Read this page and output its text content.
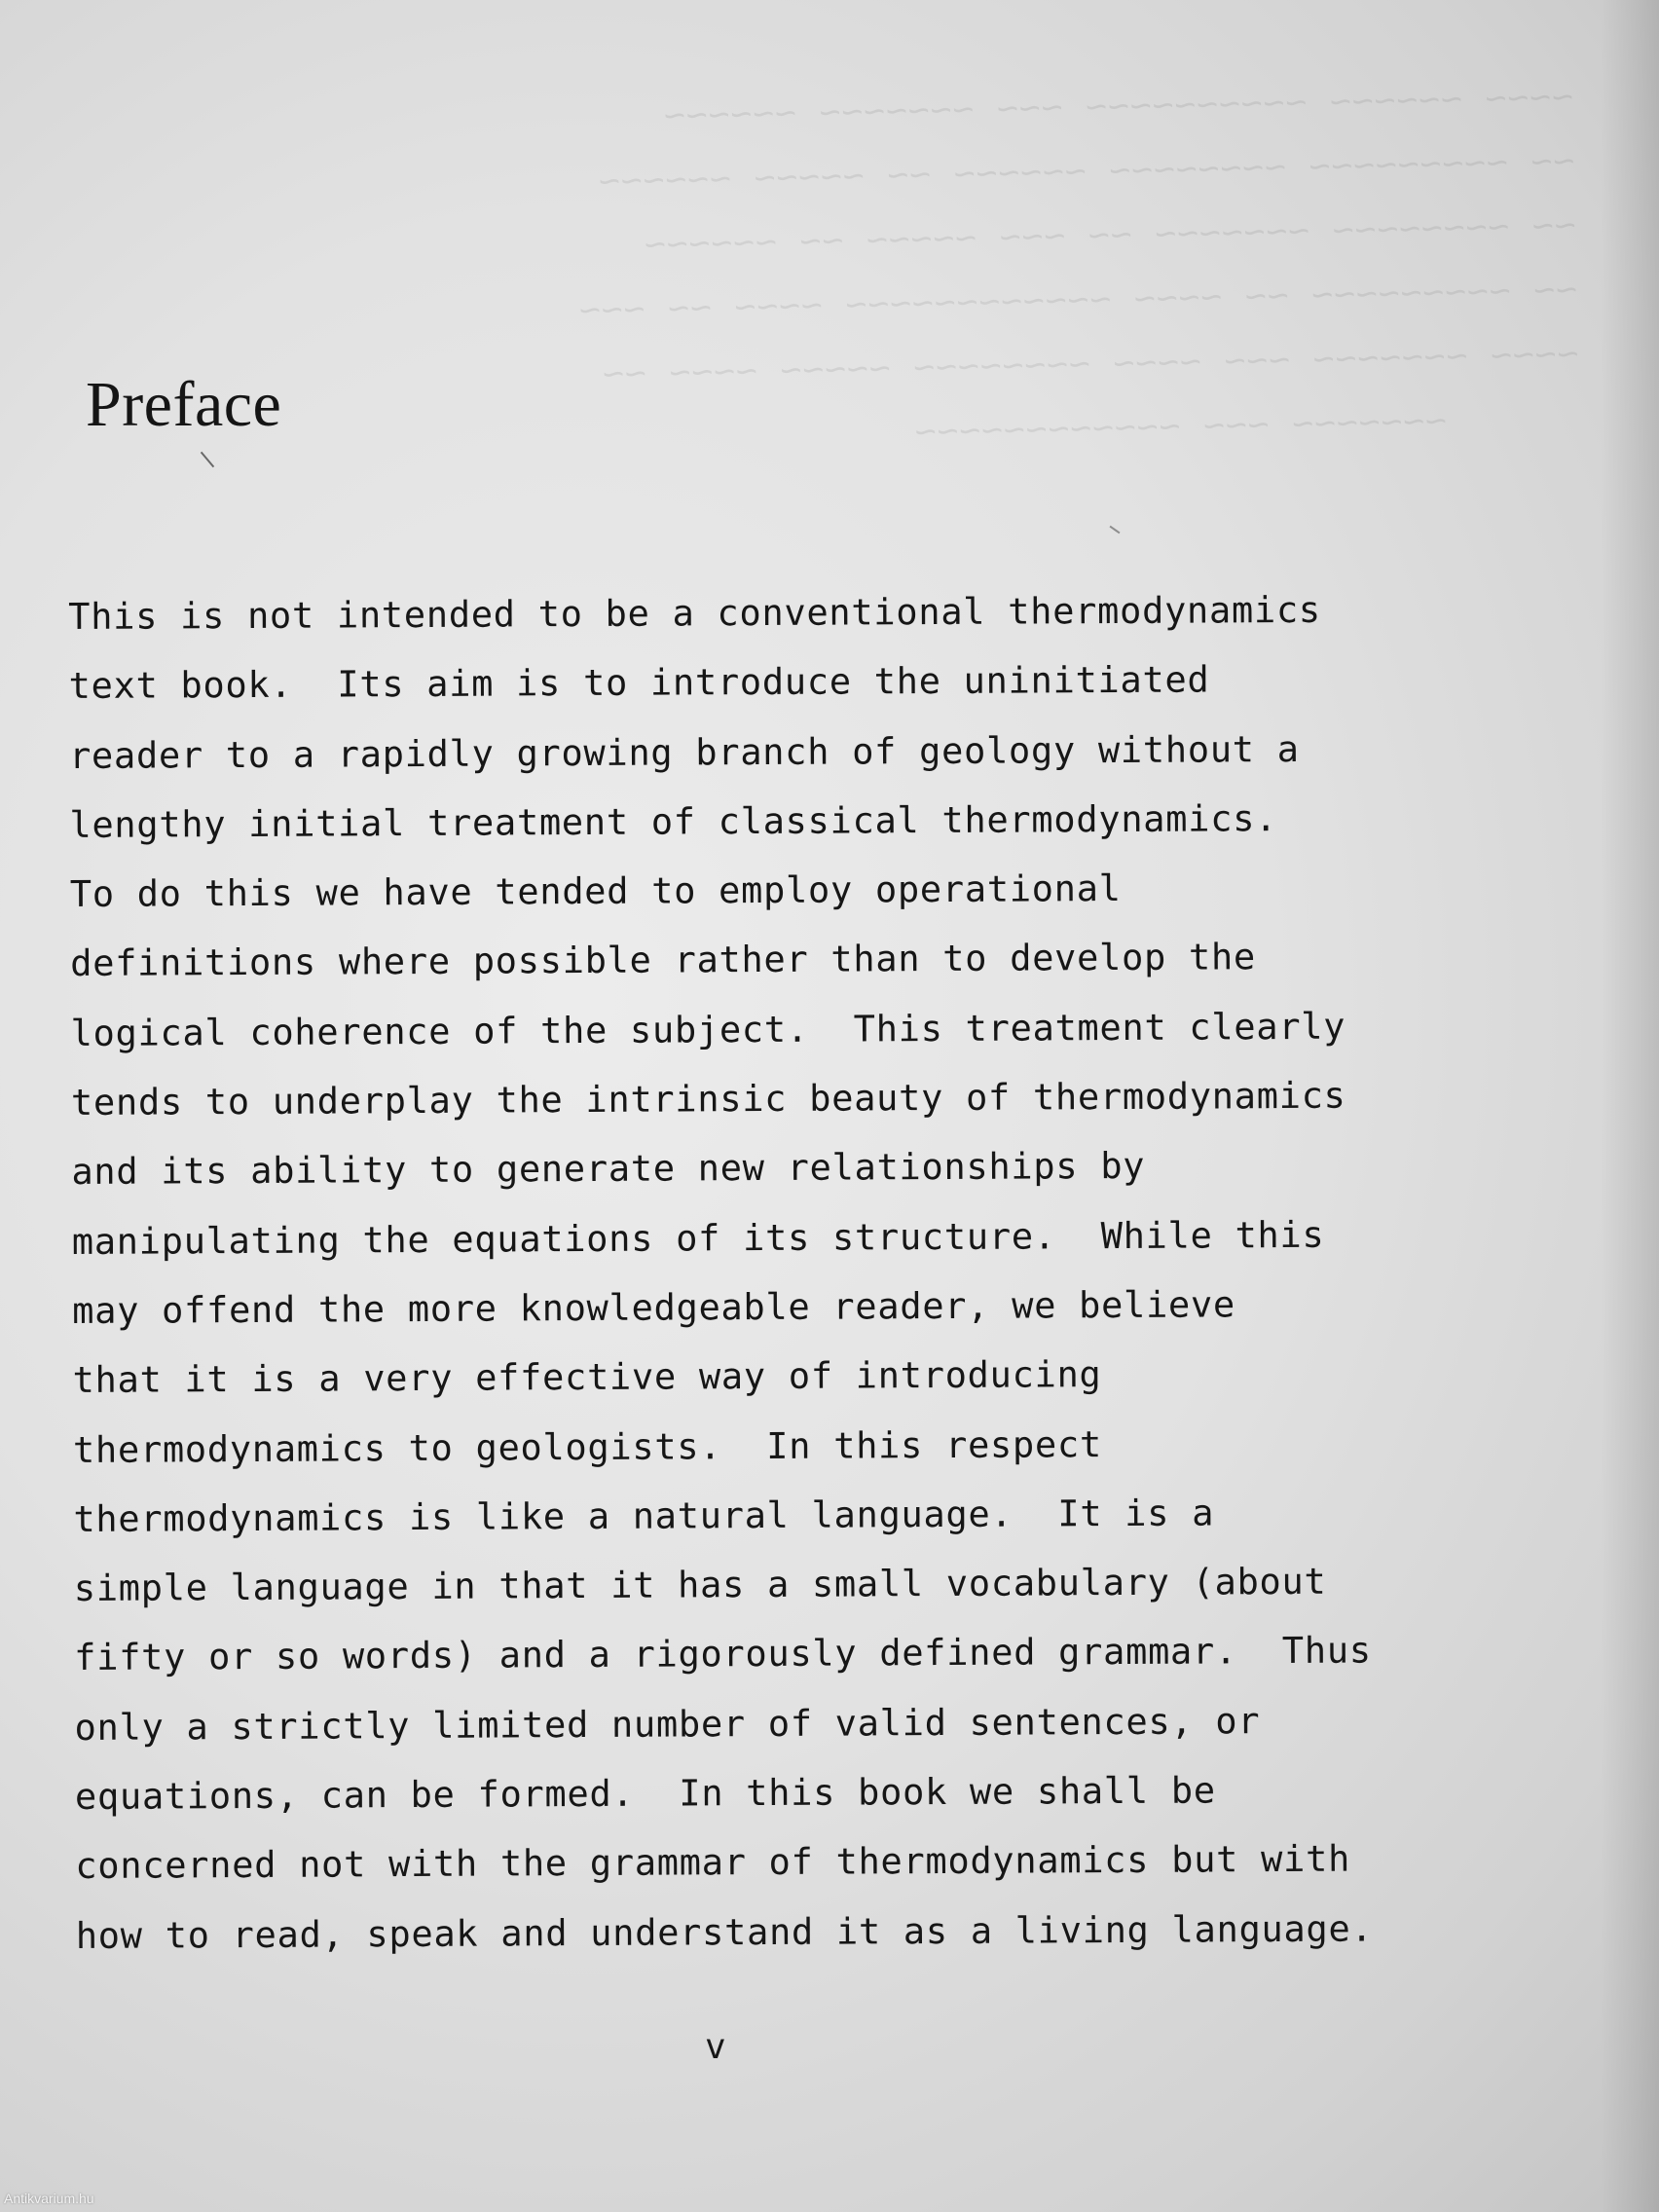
~~~~ ~~~~~~ ~~~~~~~~~~ ~~~ ~~~~~~~ ~~~~~~
~~ ~~~~~~~~~ ~~~~~~~~ ~~~~~~ ~~ ~~~~~ ~~~~~~
~~ ~~~~~~~~ ~~~~~~~ ~~ ~~~ ~~~~~ ~~ ~~~~~~
~~ ~~~~~~~~~ ~~ ~~~~ ~~~~~~~~~~~~ ~~~~ ~~ ~~~
~~~~ ~~~~~~~ ~~~ ~~~~ ~~~~~~~~ ~~~~~ ~~~~ ~~
~~~~~~~ ~~~ ~~~~~~~~~~~~

Preface
This is not intended to be a conventional thermodynamics
text book.  Its aim is to introduce the uninitiated
reader to a rapidly growing branch of geology without a
lengthy initial treatment of classical thermodynamics.
To do this we have tended to employ operational
definitions where possible rather than to develop the
logical coherence of the subject.  This treatment clearly
tends to underplay the intrinsic beauty of thermodynamics
and its ability to generate new relationships by
manipulating the equations of its structure.  While this
may offend the more knowledgeable reader, we believe
that it is a very effective way of introducing
thermodynamics to geologists.  In this respect
thermodynamics is like a natural language.  It is a
simple language in that it has a small vocabulary (about
fifty or so words) and a rigorously defined grammar.  Thus
only a strictly limited number of valid sentences, or
equations, can be formed.  In this book we shall be
concerned not with the grammar of thermodynamics but with
how to read, speak and understand it as a living language.
v
Antikvarium.hu
